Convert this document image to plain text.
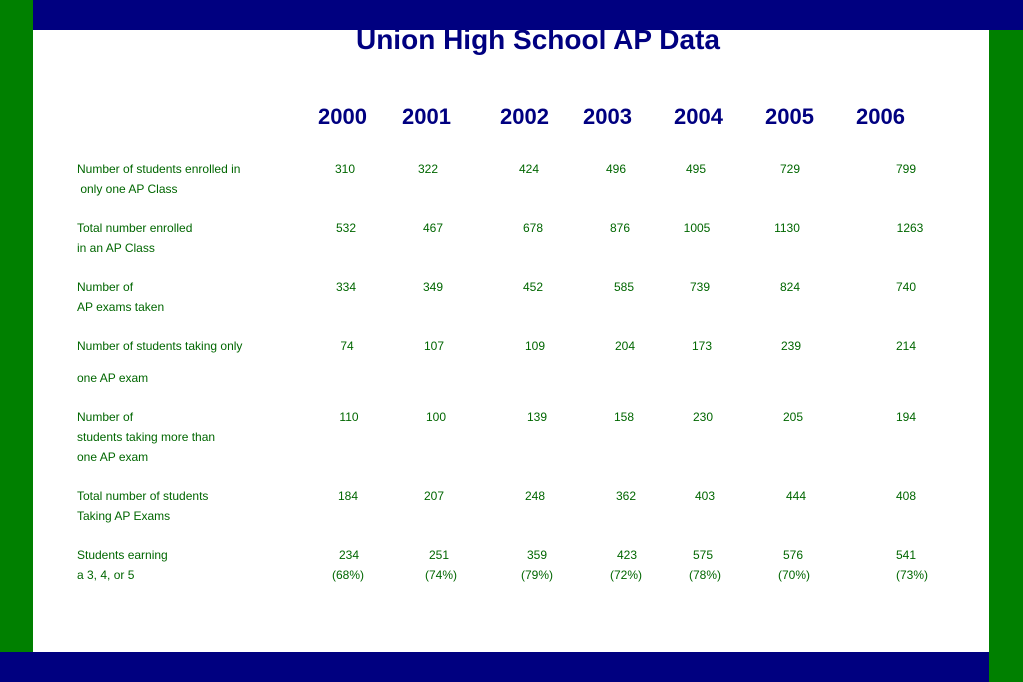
Union High School AP Data
2000 2001 2002 2003 2004 2005 2006
Number of students enrolled in
only one AP Class
310	322	424	496	495	729	799
Total number enrolled
in an AP Class
532	467	678	876	1005	1130	1263
Number of
AP exams taken
334	349	452	585	739	824	740
Number of students taking only
one AP exam
74	107	109	204	173	239	214
Number of
students taking more than
one AP exam
110	100	139	158	230	205	194
Total number of students
Taking AP Exams
184	207	248	362	403	444	408
Students earning
a 3, 4, or 5
234	251	359	423	575	576	541
(68%)	(74%)	(79%)	(72%)	(78%)	(70%)	(73%)
